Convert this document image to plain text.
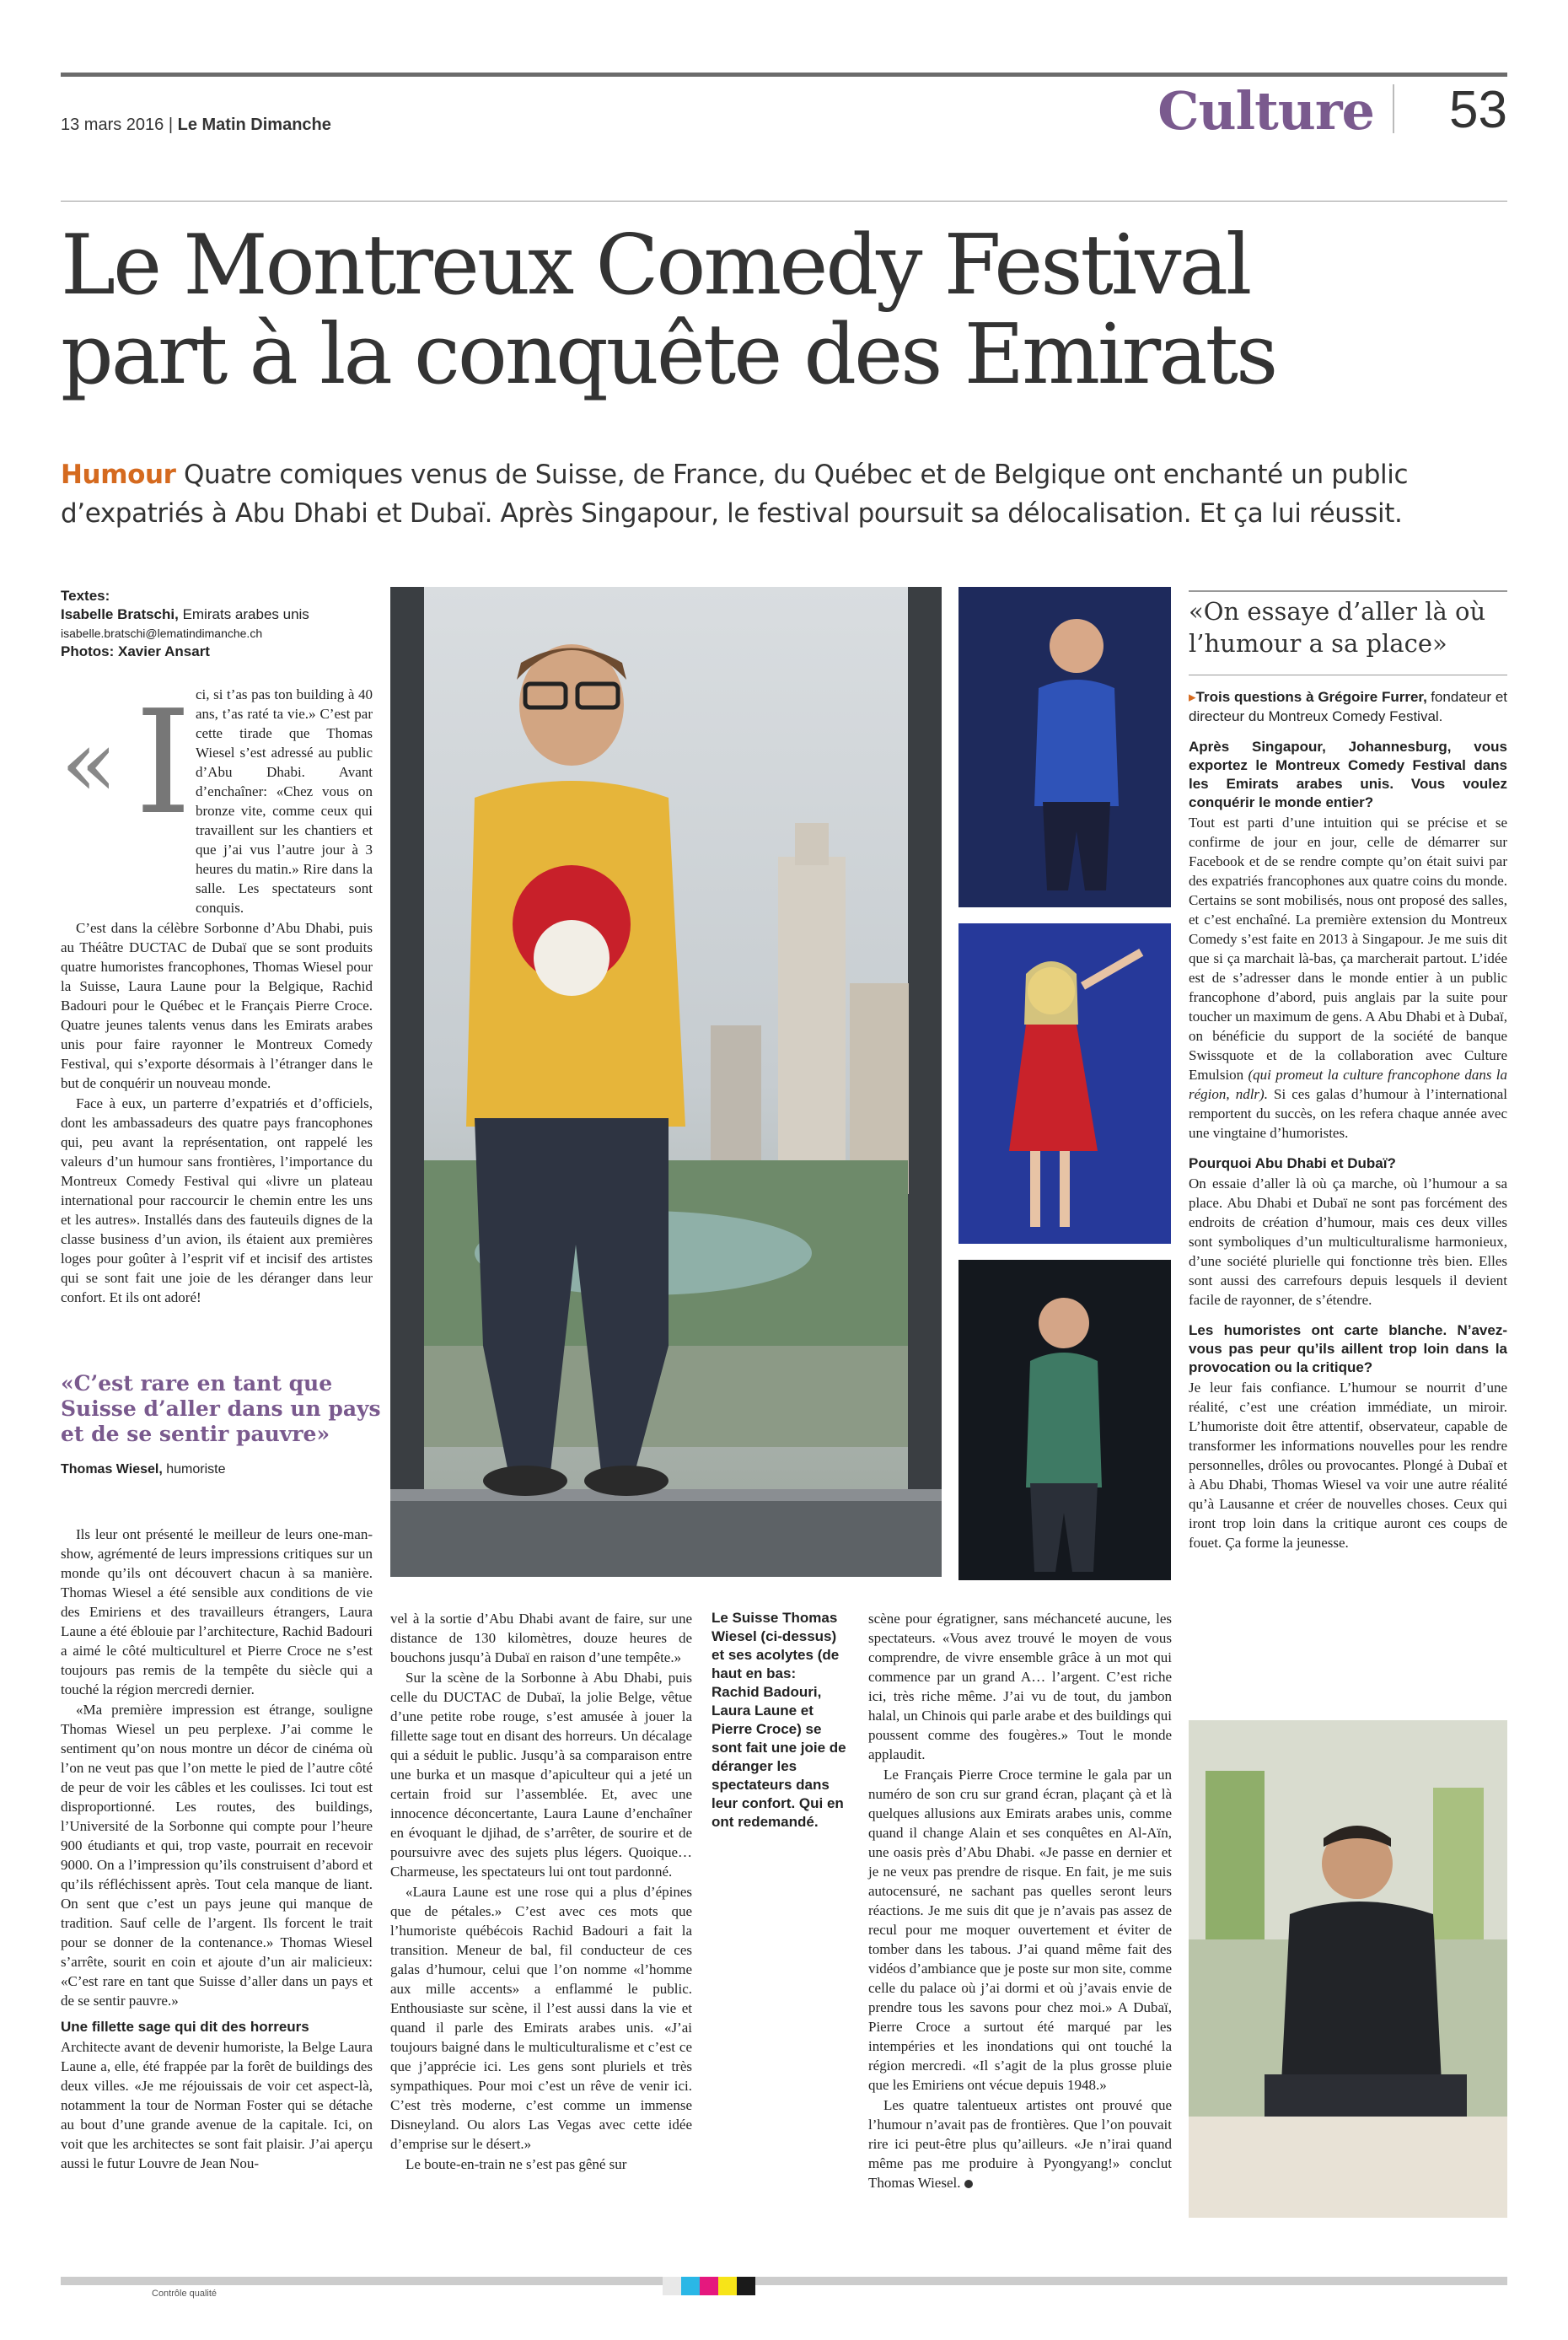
13 mars 2016 | Le Matin Dimanche	Culture	53
Le Montreux Comedy Festival
part à la conquête des Emirats
Humour Quatre comiques venus de Suisse, de France, du Québec et de Belgique ont enchanté un public d’expatriés à Abu Dhabi et Dubaï. Après Singapour, le festival poursuit sa délocalisation. Et ça lui réussit.
Textes:
Isabelle Bratschi, Emirats arabes unis
isabelle.bratschi@lematindimanche.ch
Photos: Xavier Ansart
« I ci, si t’as pas ton building à 40 ans, t’as raté ta vie.» C’est par cette tirade que Thomas Wiesel s’est adressé au public d’Abu Dhabi. Avant d’enchaîner: «Chez vous on bronze vite, comme ceux qui travaillent sur les chantiers et que j’ai vus l’autre jour à 3 heures du matin.» Rire dans la salle. Les spectateurs sont conquis.

C’est dans la célèbre Sorbonne d’Abu Dhabi, puis au Théâtre DUCTAC de Dubaï que se sont produits quatre humoristes francophones, Thomas Wiesel pour la Suisse, Laura Laune pour la Belgique, Rachid Badouri pour le Québec et le Français Pierre Croce. Quatre jeunes talents venus dans les Emirats arabes unis pour faire rayonner le Montreux Comedy Festival, qui s’exporte désormais à l’étranger dans le but de conquérir un nouveau monde.

Face à eux, un parterre d’expatriés et d’officiels, dont les ambassadeurs des quatre pays francophones qui, peu avant la représentation, ont rappelé les valeurs d’un humour sans frontières, l’importance du Montreux Comedy Festival qui «livre un plateau international pour raccourcir le chemin entre les uns et les autres». Installés dans des fauteuils dignes de la classe business d’un avion, ils étaient aux premières loges pour goûter à l’esprit vif et incisif des artistes qui se sont fait une joie de les déranger dans leur confort. Et ils ont adoré!

«C’est rare en tant que Suisse d’aller dans un pays et de se sentir pauvre»
Thomas Wiesel, humoriste

Ils leur ont présenté le meilleur de leurs one-man-show, agrémenté de leurs impressions critiques sur un monde qu’ils ont découvert chacun à sa manière. Thomas Wiesel a été sensible aux conditions de vie des Emiriens et des travailleurs étrangers, Laura Laune a été éblouie par l’architecture, Rachid Badouri a aimé le côté multiculturel et Pierre Croce ne s’est toujours pas remis de la tempête du siècle qui a touché la région mercredi dernier.

«Ma première impression est étrange, souligne Thomas Wiesel un peu perplexe. J’ai comme le sentiment qu’on nous montre un décor de cinéma où l’on ne veut pas que l’on mette le pied de l’autre côté de peur de voir les câbles et les coulisses. Ici tout est disproportionné. Les routes, des buildings, l’Université de la Sorbonne qui compte pour l’heure 900 étudiants et qui, trop vaste, pourrait en recevoir 9000. On a l’impression qu’ils construisent d’abord et qu’ils réfléchissent après. Tout cela manque de liant. On sent que c’est un pays jeune qui manque de tradition. Sauf celle de l’argent. Ils forcent le trait pour se donner de la contenance.» Thomas Wiesel s’arrête, sourit en coin et ajoute d’un air malicieux: «C’est rare en tant que Suisse d’aller dans un pays et de se sentir pauvre.»

Une fillette sage qui dit des horreurs

Architecte avant de devenir humoriste, la Belge Laura Laune a, elle, été frappée par la forêt de buildings des deux villes. «Je me réjouissais de voir cet aspect-là, notamment la tour de Norman Foster qui se détache au bout d’une grande avenue de la capitale. Ici, on voit que les architectes se sont fait plaisir. J’ai aperçu aussi le futur Louvre de Jean Nou-

Le Suisse Thomas Wiesel (ci-dessus) et ses acolytes (de haut en bas: Rachid Badouri, Laura Laune et Pierre Croce) se sont fait une joie de déranger les spectateurs dans leur confort. Qui en ont redemandé.

vel à la sortie d’Abu Dhabi avant de faire, sur une distance de 130 kilomètres, douze heures de bouchons jusqu’à Dubaï en raison d’une tempête.»

Sur la scène de la Sorbonne à Abu Dhabi, puis celle du DUCTAC de Dubaï, la jolie Belge, vêtue d’une petite robe rouge, s’est amusée à jouer la fillette sage tout en disant des horreurs. Un décalage qui a séduit le public. Jusqu’à sa comparaison entre une burka et un masque d’apiculteur qui a jeté un certain froid sur l’assemblée. Et, avec une innocence déconcertante, Laura Laune d’enchaîner en évoquant le djihad, de s’arrêter, de sourire et de poursuivre avec des sujets plus légers. Quoique… Charmeuse, les spectateurs lui ont tout pardonné.

«Laura Laune est une rose qui a plus d’épines que de pétales.» C’est avec ces mots que l’humoriste québécois Rachid Badouri a fait la transition. Meneur de bal, fil conducteur de ces galas d’humour, celui que l’on nomme «l’homme aux mille accents» a enflammé le public. Enthousiaste sur scène, il l’est aussi dans la vie et quand il parle des Emirats arabes unis. «J’ai toujours baigné dans le multiculturalisme et c’est ce que j’apprécie ici. Les gens sont pluriels et très sympathiques. Pour moi c’est un rêve de venir ici. C’est très moderne, c’est comme un immense Disneyland. Ou alors Las Vegas avec cette idée d’emprise sur le désert.»

Le boute-en-train ne s’est pas gêné sur

scène pour égratigner, sans méchanceté aucune, les spectateurs. «Vous avez trouvé le moyen de vous comprendre, de vivre ensemble grâce à un mot qui commence par un grand A… l’argent. C’est riche ici, très riche même. J’ai vu de tout, du jambon halal, un Chinois qui parle arabe et des buildings qui poussent comme des fougères.» Tout le monde applaudit.

Le Français Pierre Croce termine le gala par un numéro de son cru sur grand écran, plaçant çà et là quelques allusions aux Emirats arabes unis, comme quand il change Alain et ses conquêtes en Al-Aïn, une oasis près d’Abu Dhabi. «Je passe en dernier et je ne veux pas prendre de risque. En fait, je me suis autocensuré, ne sachant pas quelles seront leurs réactions. Je me suis dit que je n’avais pas assez de recul pour me moquer ouvertement et éviter de tomber dans les tabous. J’ai quand même fait des vidéos d’ambiance que je poste sur mon site, comme celle du palace où j’ai dormi et où j’avais envie de prendre tous les savons pour chez moi.» A Dubaï, Pierre Croce a surtout été marqué par les intempéries et les inondations qui ont touché la région mercredi. «Il s’agit de la plus grosse pluie que les Emiriens ont vécue depuis 1948.»

Les quatre talentueux artistes ont prouvé que l’humour n’avait pas de frontières. Que l’on pouvait rire ici peut-être plus qu’ailleurs. «Je n’irai quand même pas me produire à Pyongyang!» conclut Thomas Wiesel.

«On essaye d’aller là où l’humour a sa place»

▸Trois questions à Grégoire Furrer, fondateur et directeur du Montreux Comedy Festival.

Après Singapour, Johannesburg, vous exportez le Montreux Comedy Festival dans les Emirats arabes unis. Vous voulez conquérir le monde entier?

Tout est parti d’une intuition qui se précise et se confirme de jour en jour, celle de démarrer sur Facebook et de se rendre compte qu’on était suivi par des expatriés francophones aux quatre coins du monde. Certains se sont mobilisés, nous ont proposé des salles, et c’est enchaîné. La première extension du Montreux Comedy s’est faite en 2013 à Singapour. Je me suis dit que si ça marchait là-bas, ça marcherait partout. L’idée est de s’adresser dans le monde entier à un public francophone d’abord, puis anglais par la suite pour toucher un maximum de gens. A Abu Dhabi et à Dubaï, on bénéficie du support de la société de banque Swissquote et de la collaboration avec Culture Emulsion (qui promeut la culture francophone dans la région, ndlr). Si ces galas d’humour à l’international remportent du succès, on les refera chaque année avec une vingtaine d’humoristes.

Pourquoi Abu Dhabi et Dubaï?

On essaie d’aller là où ça marche, où l’humour a sa place. Abu Dhabi et Dubaï ne sont pas forcément des endroits de création d’humour, mais ces deux villes sont symboliques d’un multiculturalisme harmonieux, d’une société plurielle qui fonctionne très bien. Elles sont aussi des carrefours depuis lesquels il devient facile de rayonner, de s’étendre.

Les humoristes ont carte blanche. N’avez-vous pas peur qu’ils aillent trop loin dans la provocation ou la critique?

Je leur fais confiance. L’humour se nourrit d’une réalité, c’est une création immédiate, un miroir. L’humoriste doit être attentif, observateur, capable de transformer les informations nouvelles pour les rendre personnelles, drôles ou provocantes. Plongé à Dubaï et à Abu Dhabi, Thomas Wiesel va voir une autre réalité qu’à Lausanne et créer de nouvelles choses. Ceux qui iront trop loin dans la critique auront ces coups de fouet. Ça forme la jeunesse.

Contrôle qualité
